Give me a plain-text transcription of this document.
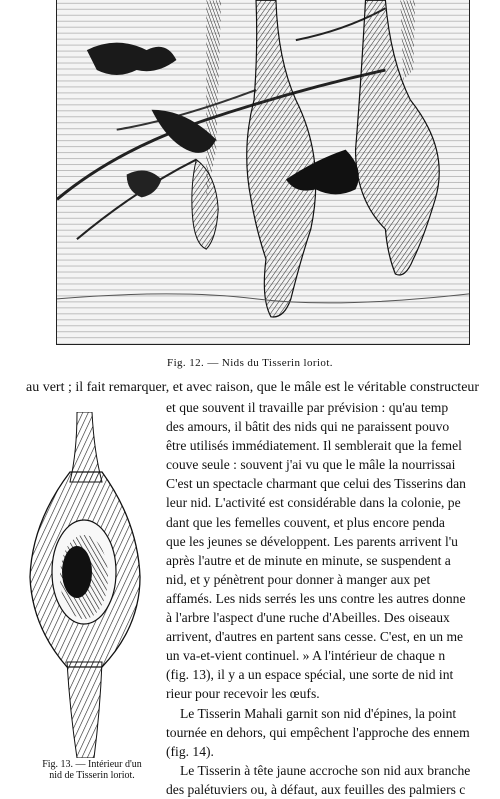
Fig. 12. — Nids du Tisserin loriot.
au vert ; il fait remarquer, et avec raison, que le mâle est le véritable constructeur
et que souvent il travaille par prévision : qu'au temp
des amours, il bâtit des nids qui ne paraissent pouvo
être utilisés immédiatement. Il semblerait que la femel
couve seule : souvent j'ai vu que le mâle la nourrissai
C'est un spectacle charmant que celui des Tisserins dan
leur nid. L'activité est considérable dans la colonie, pe
dant que les femelles couvent, et plus encore penda
que les jeunes se développent. Les parents arrivent l'u
après l'autre et de minute en minute, se suspendent a
nid, et y pénètrent pour donner à manger aux pet
affamés. Les nids serrés les uns contre les autres donne
à l'arbre l'aspect d'une ruche d'Abeilles. Des oiseaux
arrivent, d'autres en partent sans cesse. C'est, en un me
un va-et-vient continuel. » A l'intérieur de chaque n
(fig. 13), il y a un espace spécial, une sorte de nid int
rieur pour recevoir les œufs.
Le Tisserin Mahali garnit son nid d'épines, la point
tournée en dehors, qui empêchent l'approche des ennem
(fig. 14).
Le Tisserin à tête jaune accroche son nid aux branche
des palétuviers ou, à défaut, aux feuilles des palmiers c
Fig. 13. — Intérieur d'un
nid de Tisserin loriot.
